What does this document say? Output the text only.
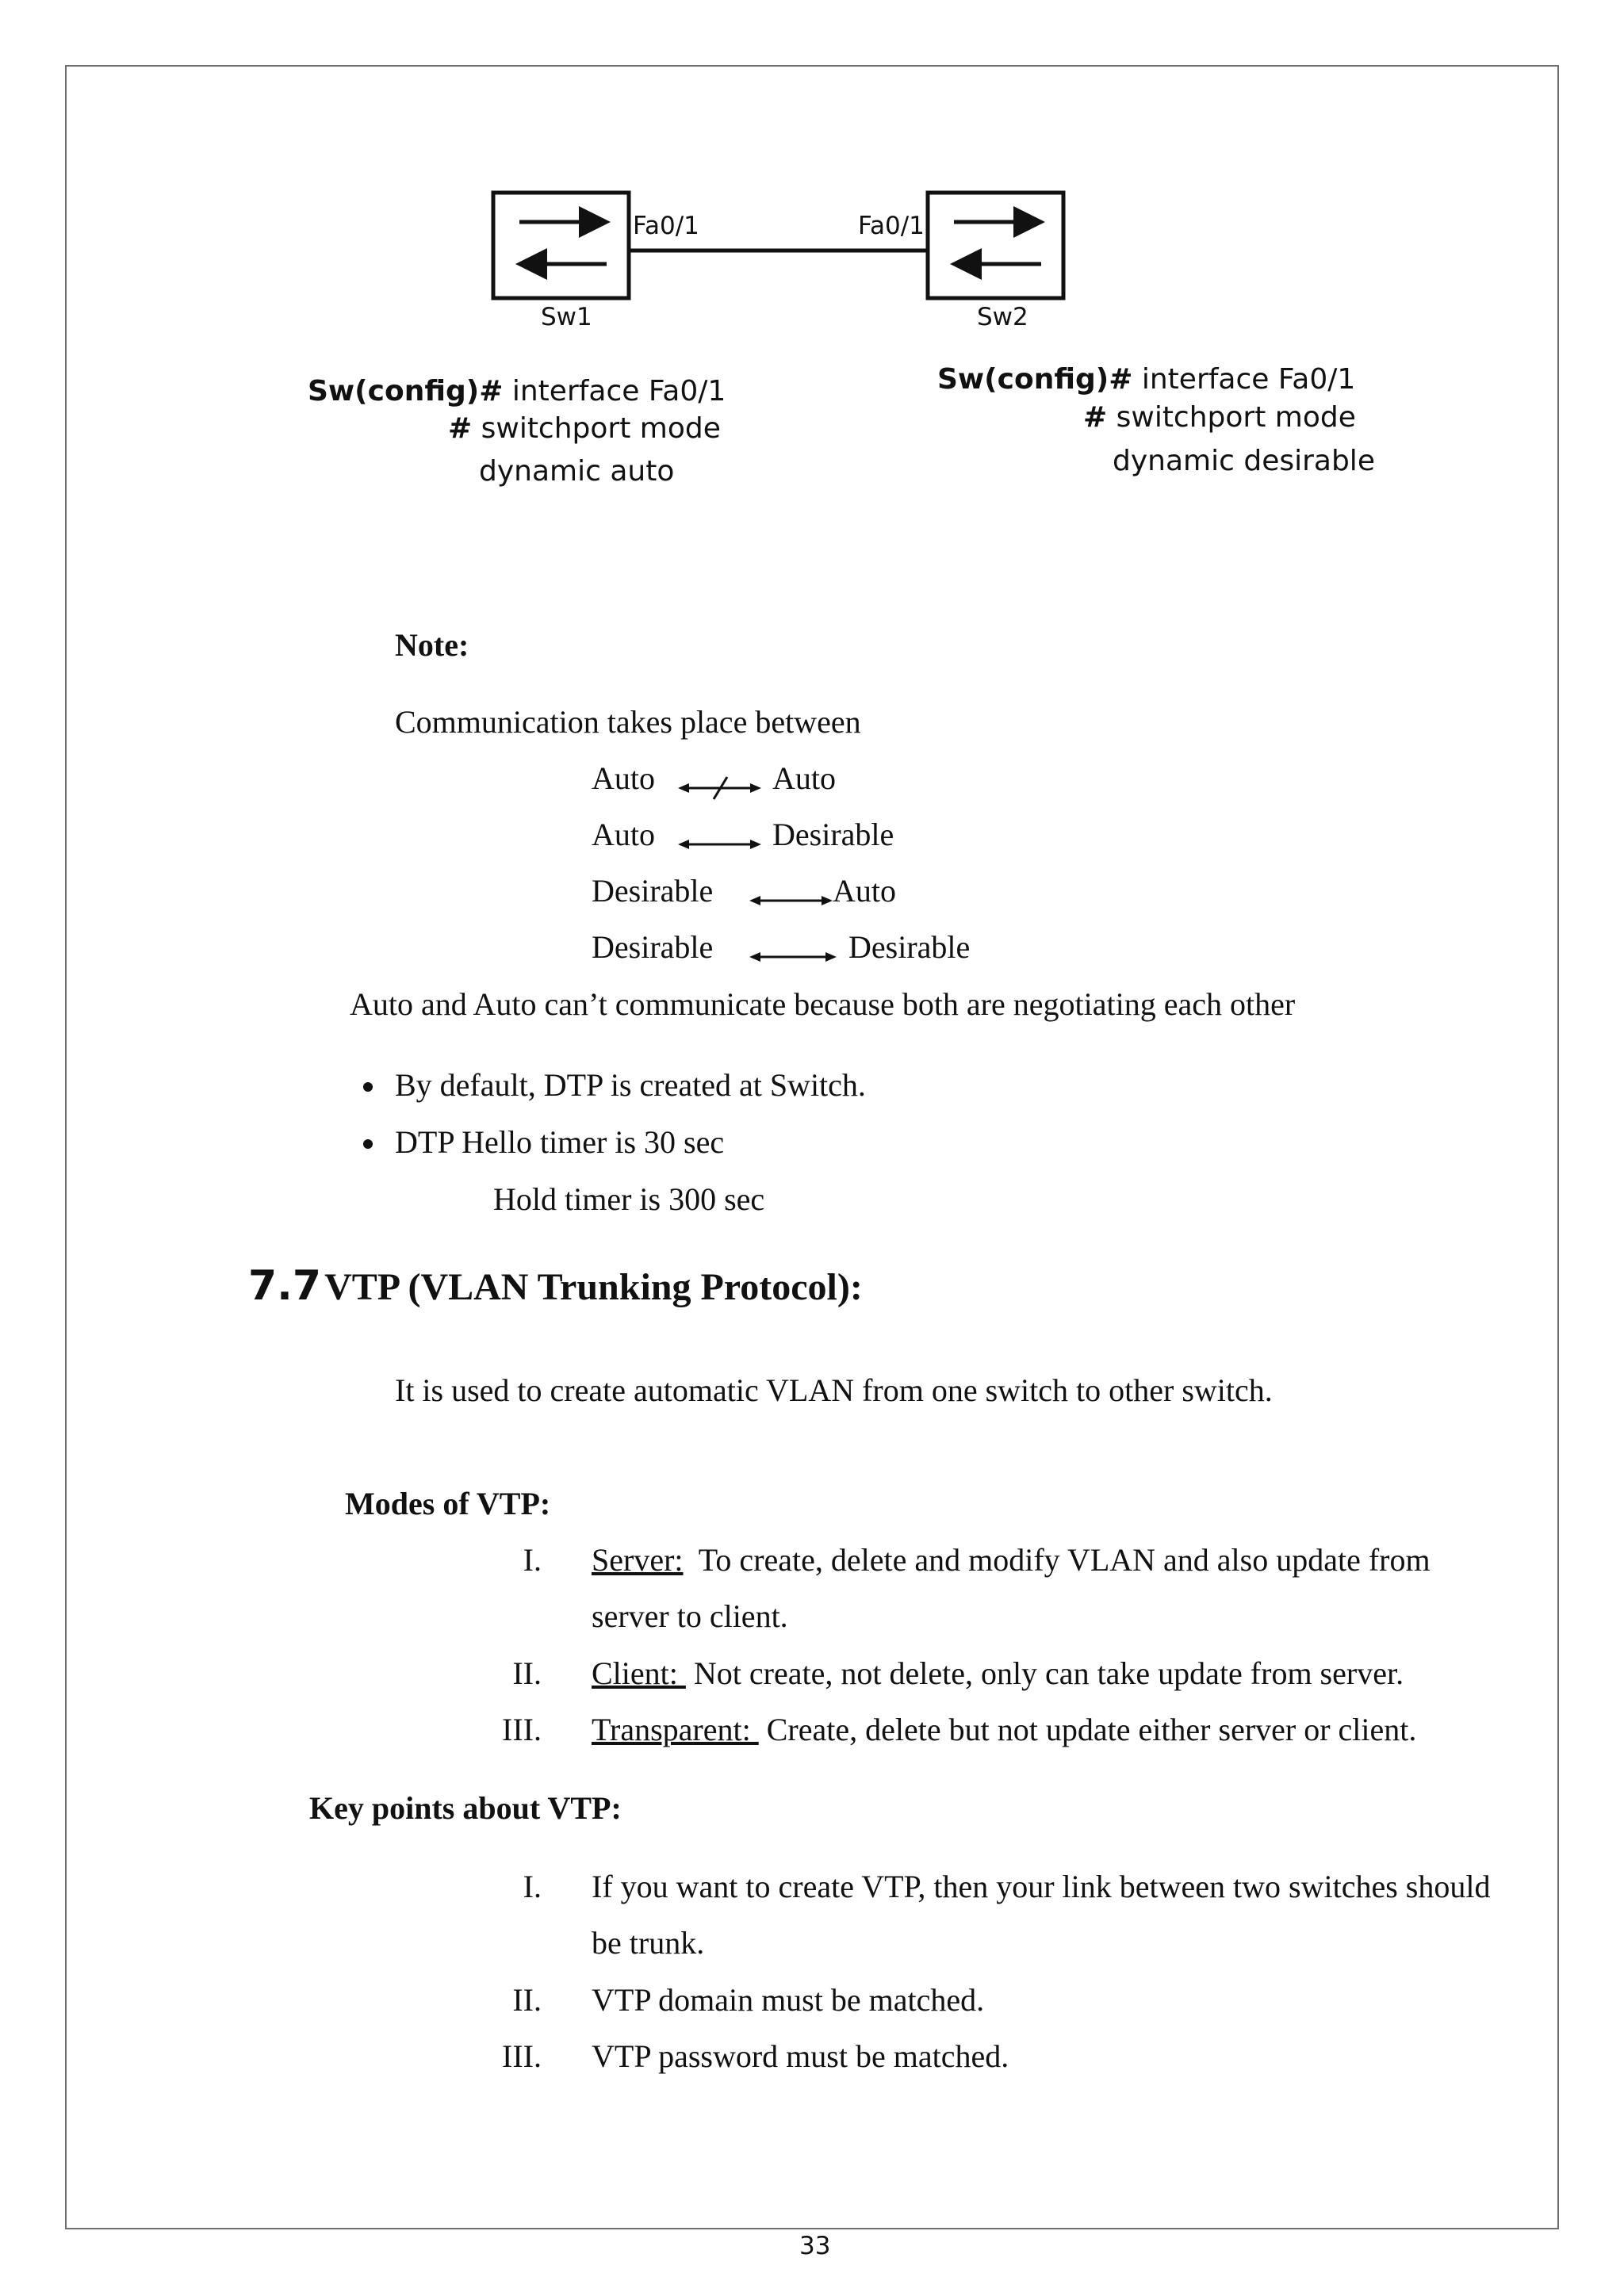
Fa0/1	Fa0/1
Sw1	Sw2
Sw(config)# interface Fa0/1
# switchport mode
dynamic auto
Sw(config)# interface Fa0/1
# switchport mode
dynamic desirable
Note:
Communication takes place between
Auto	Auto
Auto	Desirable
Desirable	Auto
Desirable	Desirable
Auto and Auto can’t communicate because both are negotiating each other
By default, DTP is created at Switch.
DTP Hello timer is 30 sec
Hold timer is 300 sec
7.7 VTP (VLAN Trunking Protocol):
It is used to create automatic VLAN from one switch to other switch.
Modes of VTP:
I. Server:  To create, delete and modify VLAN and also update from
server to client.
II. Client:  Not create, not delete, only can take update from server.
III. Transparent:  Create, delete but not update either server or client.
Key points about VTP:
I. If you want to create VTP, then your link between two switches should
be trunk.
II. VTP domain must be matched.
III. VTP password must be matched.
33
